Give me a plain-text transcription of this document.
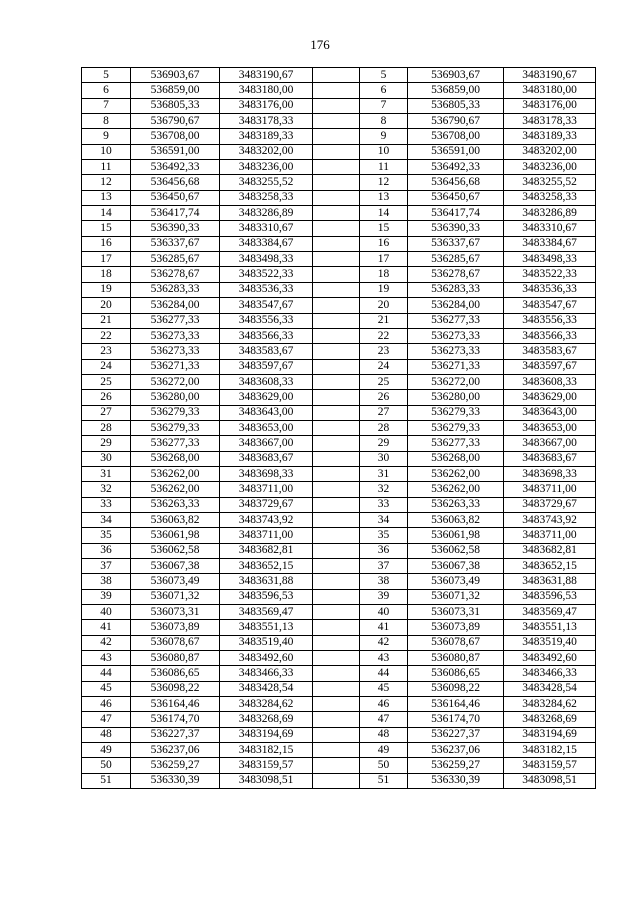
176
5	536903,67	3483190,67		5	536903,67	3483190,67
6	536859,00	3483180,00		6	536859,00	3483180,00
7	536805,33	3483176,00		7	536805,33	3483176,00
8	536790,67	3483178,33		8	536790,67	3483178,33
9	536708,00	3483189,33		9	536708,00	3483189,33
10	536591,00	3483202,00		10	536591,00	3483202,00
11	536492,33	3483236,00		11	536492,33	3483236,00
12	536456,68	3483255,52		12	536456,68	3483255,52
13	536450,67	3483258,33		13	536450,67	3483258,33
14	536417,74	3483286,89		14	536417,74	3483286,89
15	536390,33	3483310,67		15	536390,33	3483310,67
16	536337,67	3483384,67		16	536337,67	3483384,67
17	536285,67	3483498,33		17	536285,67	3483498,33
18	536278,67	3483522,33		18	536278,67	3483522,33
19	536283,33	3483536,33		19	536283,33	3483536,33
20	536284,00	3483547,67		20	536284,00	3483547,67
21	536277,33	3483556,33		21	536277,33	3483556,33
22	536273,33	3483566,33		22	536273,33	3483566,33
23	536273,33	3483583,67		23	536273,33	3483583,67
24	536271,33	3483597,67		24	536271,33	3483597,67
25	536272,00	3483608,33		25	536272,00	3483608,33
26	536280,00	3483629,00		26	536280,00	3483629,00
27	536279,33	3483643,00		27	536279,33	3483643,00
28	536279,33	3483653,00		28	536279,33	3483653,00
29	536277,33	3483667,00		29	536277,33	3483667,00
30	536268,00	3483683,67		30	536268,00	3483683,67
31	536262,00	3483698,33		31	536262,00	3483698,33
32	536262,00	3483711,00		32	536262,00	3483711,00
33	536263,33	3483729,67		33	536263,33	3483729,67
34	536063,82	3483743,92		34	536063,82	3483743,92
35	536061,98	3483711,00		35	536061,98	3483711,00
36	536062,58	3483682,81		36	536062,58	3483682,81
37	536067,38	3483652,15		37	536067,38	3483652,15
38	536073,49	3483631,88		38	536073,49	3483631,88
39	536071,32	3483596,53		39	536071,32	3483596,53
40	536073,31	3483569,47		40	536073,31	3483569,47
41	536073,89	3483551,13		41	536073,89	3483551,13
42	536078,67	3483519,40		42	536078,67	3483519,40
43	536080,87	3483492,60		43	536080,87	3483492,60
44	536086,65	3483466,33		44	536086,65	3483466,33
45	536098,22	3483428,54		45	536098,22	3483428,54
46	536164,46	3483284,62		46	536164,46	3483284,62
47	536174,70	3483268,69		47	536174,70	3483268,69
48	536227,37	3483194,69		48	536227,37	3483194,69
49	536237,06	3483182,15		49	536237,06	3483182,15
50	536259,27	3483159,57		50	536259,27	3483159,57
51	536330,39	3483098,51		51	536330,39	3483098,51
